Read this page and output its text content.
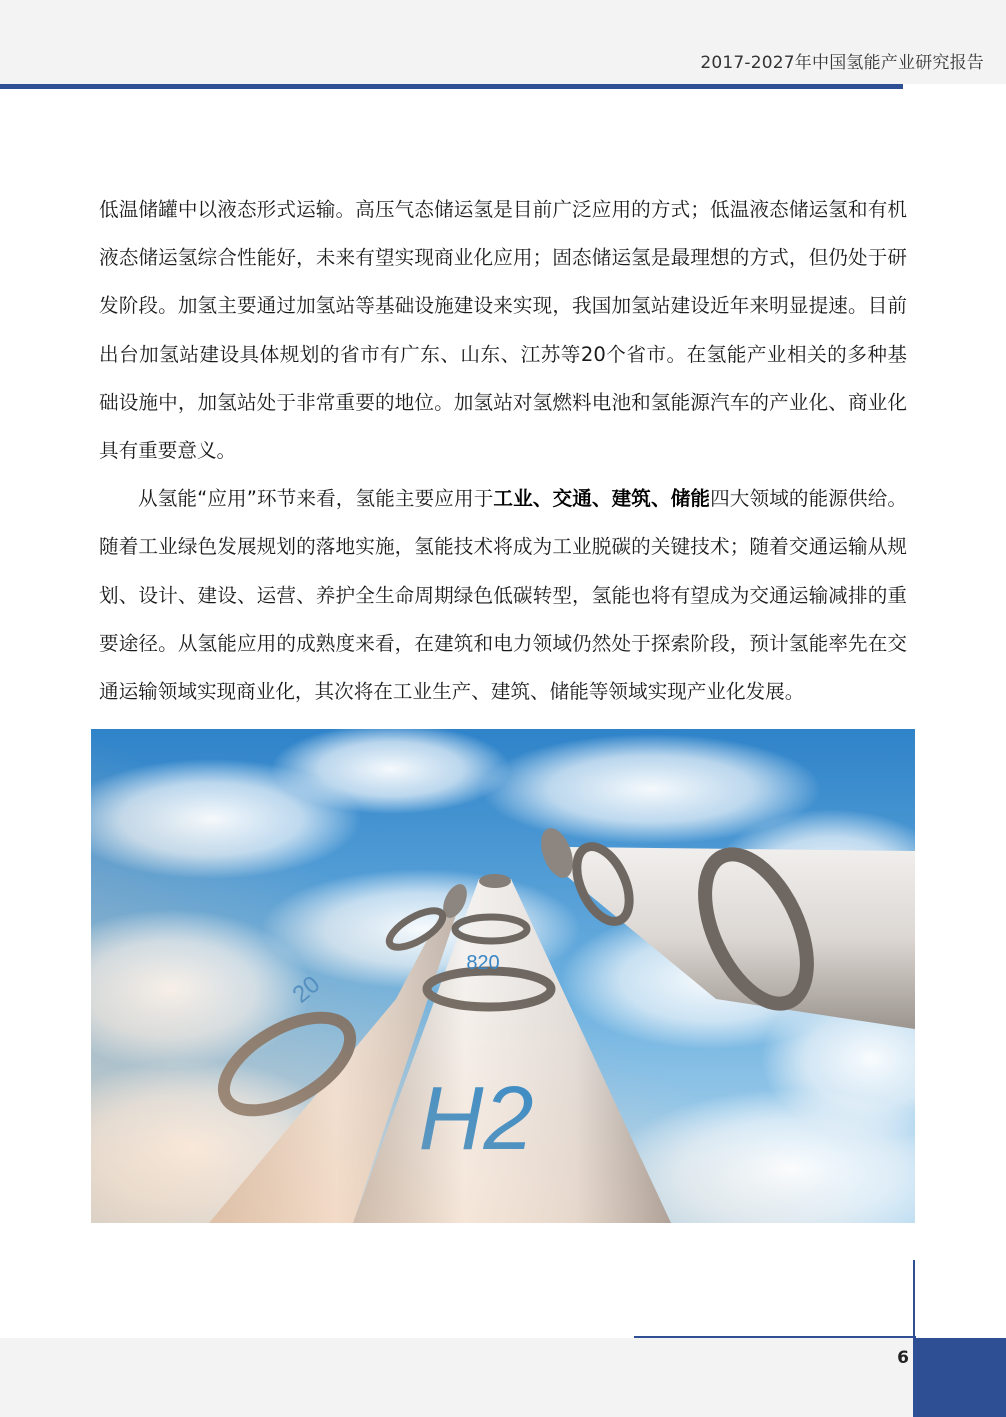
2017-2027年中国氢能产业研究报告

低温储罐中以液态形式运输。高压气态储运氢是目前广泛应用的方式；低温液态储运氢和有机液态储运氢综合性能好，未来有望实现商业化应用；固态储运氢是最理想的方式，但仍处于研发阶段。加氢主要通过加氢站等基础设施建设来实现，我国加氢站建设近年来明显提速。目前出台加氢站建设具体规划的省市有广东、山东、江苏等20个省市。在氢能产业相关的多种基础设施中，加氢站处于非常重要的地位。加氢站对氢燃料电池和氢能源汽车的产业化、商业化具有重要意义。

从氢能“应用”环节来看，氢能主要应用于工业、交通、建筑、储能四大领域的能源供给。随着工业绿色发展规划的落地实施，氢能技术将成为工业脱碳的关键技术；随着交通运输从规划、设计、建设、运营、养护全生命周期绿色低碳转型，氢能也将有望成为交通运输减排的重要途径。从氢能应用的成熟度来看，在建筑和电力领域仍然处于探索阶段，预计氢能率先在交通运输领域实现商业化，其次将在工业生产、建筑、储能等领域实现产业化发展。

6
